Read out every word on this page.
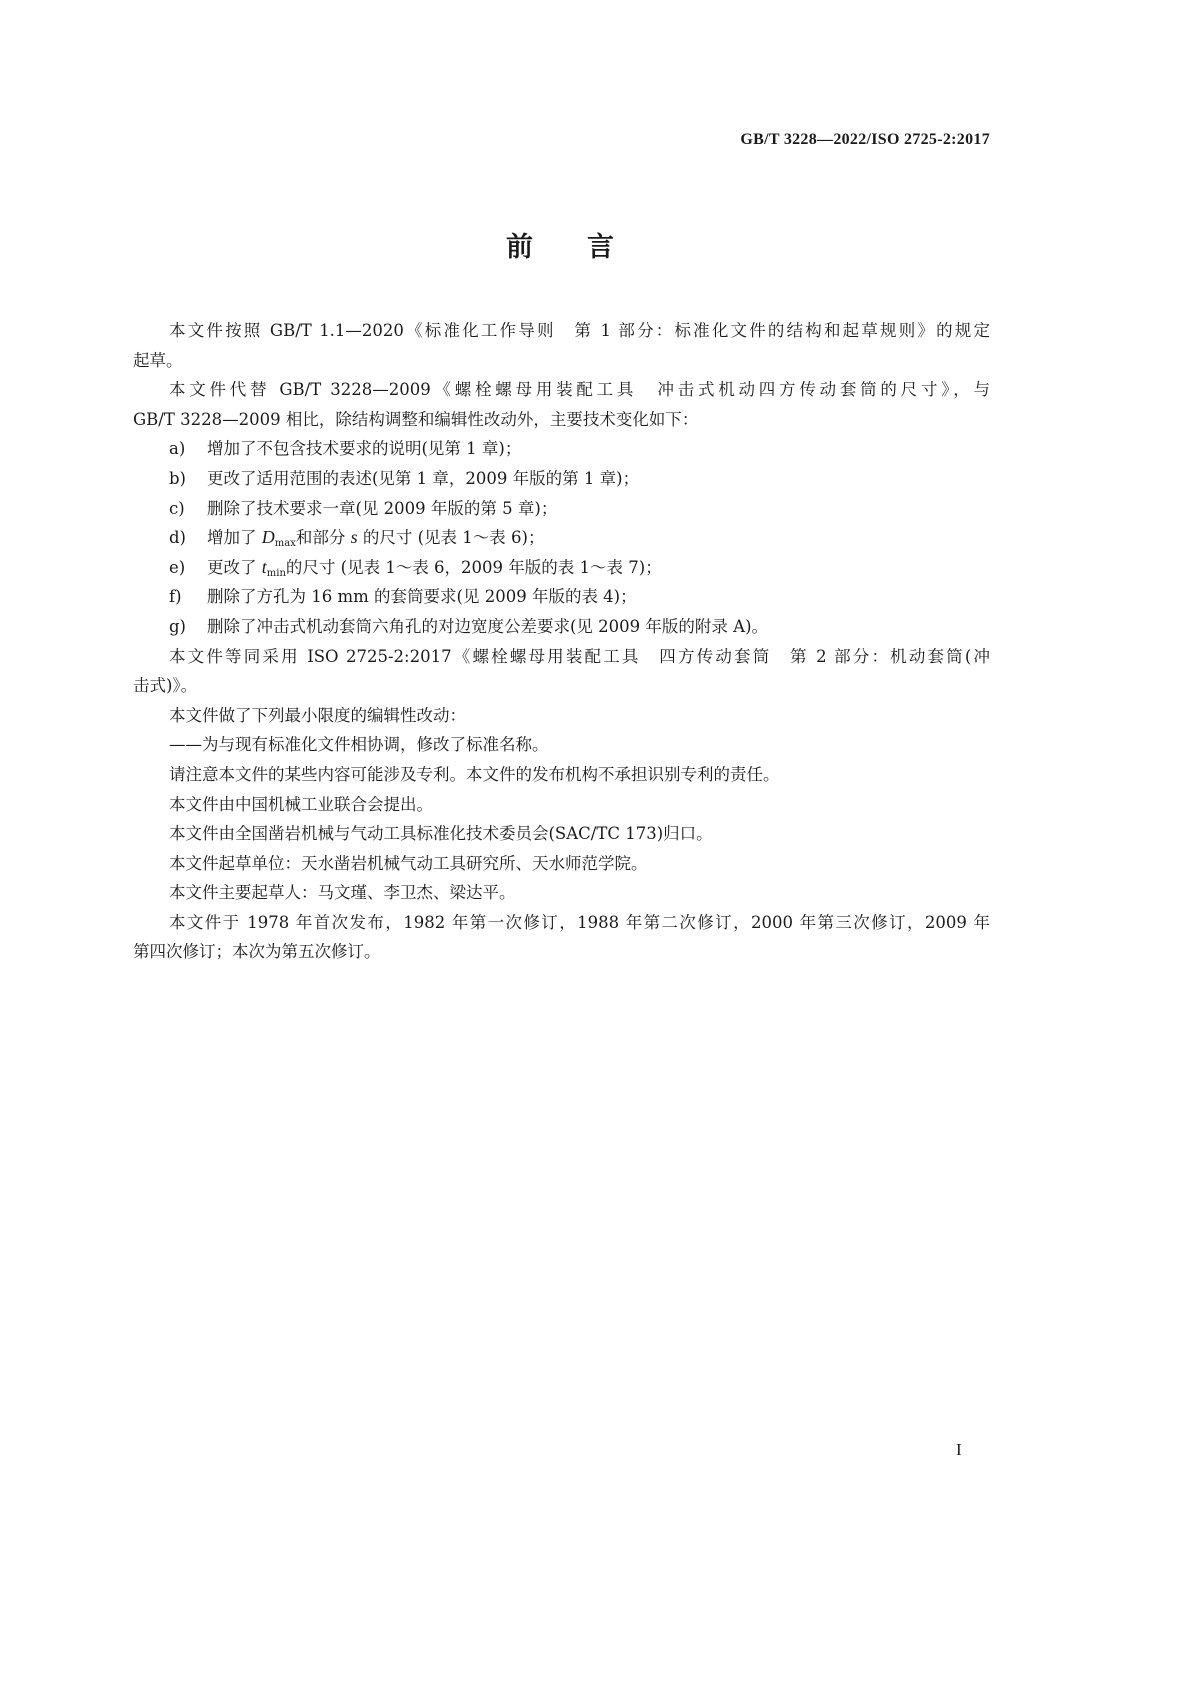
GB/T 3228—2022/ISO 2725-2:2017
前　　言
本文件按照 GB/T 1.1—2020《标准化工作导则　第 1 部分：标准化文件的结构和起草规则》的规定
起草。
本文件代替 GB/T 3228—2009《螺栓螺母用装配工具　冲击式机动四方传动套筒的尺寸》，与
GB/T 3228—2009 相比，除结构调整和编辑性改动外，主要技术变化如下：
a) 增加了不包含技术要求的说明(见第 1 章)；
b) 更改了适用范围的表述(见第 1 章，2009 年版的第 1 章)；
c) 删除了技术要求一章(见 2009 年版的第 5 章)；
d) 增加了 $D_{max}$和部分 s 的尺寸 (见表 1～表 6)；
e) 更改了 $t_{min}$的尺寸 (见表 1～表 6，2009 年版的表 1～表 7)；
f) 删除了方孔为 16 mm 的套筒要求(见 2009 年版的表 4)；
g) 删除了冲击式机动套筒六角孔的对边宽度公差要求(见 2009 年版的附录 A)。
本文件等同采用 ISO 2725-2:2017《螺栓螺母用装配工具　四方传动套筒　第 2 部分：机动套筒(冲
击式)》。
本文件做了下列最小限度的编辑性改动：
——为与现有标准化文件相协调，修改了标准名称。
请注意本文件的某些内容可能涉及专利。本文件的发布机构不承担识别专利的责任。
本文件由中国机械工业联合会提出。
本文件由全国凿岩机械与气动工具标准化技术委员会(SAC/TC 173)归口。
本文件起草单位：天水凿岩机械气动工具研究所、天水师范学院。
本文件主要起草人：马文瑾、李卫杰、梁达平。
本文件于 1978 年首次发布，1982 年第一次修订，1988 年第二次修订，2000 年第三次修订，2009 年
第四次修订；本次为第五次修订。
I
